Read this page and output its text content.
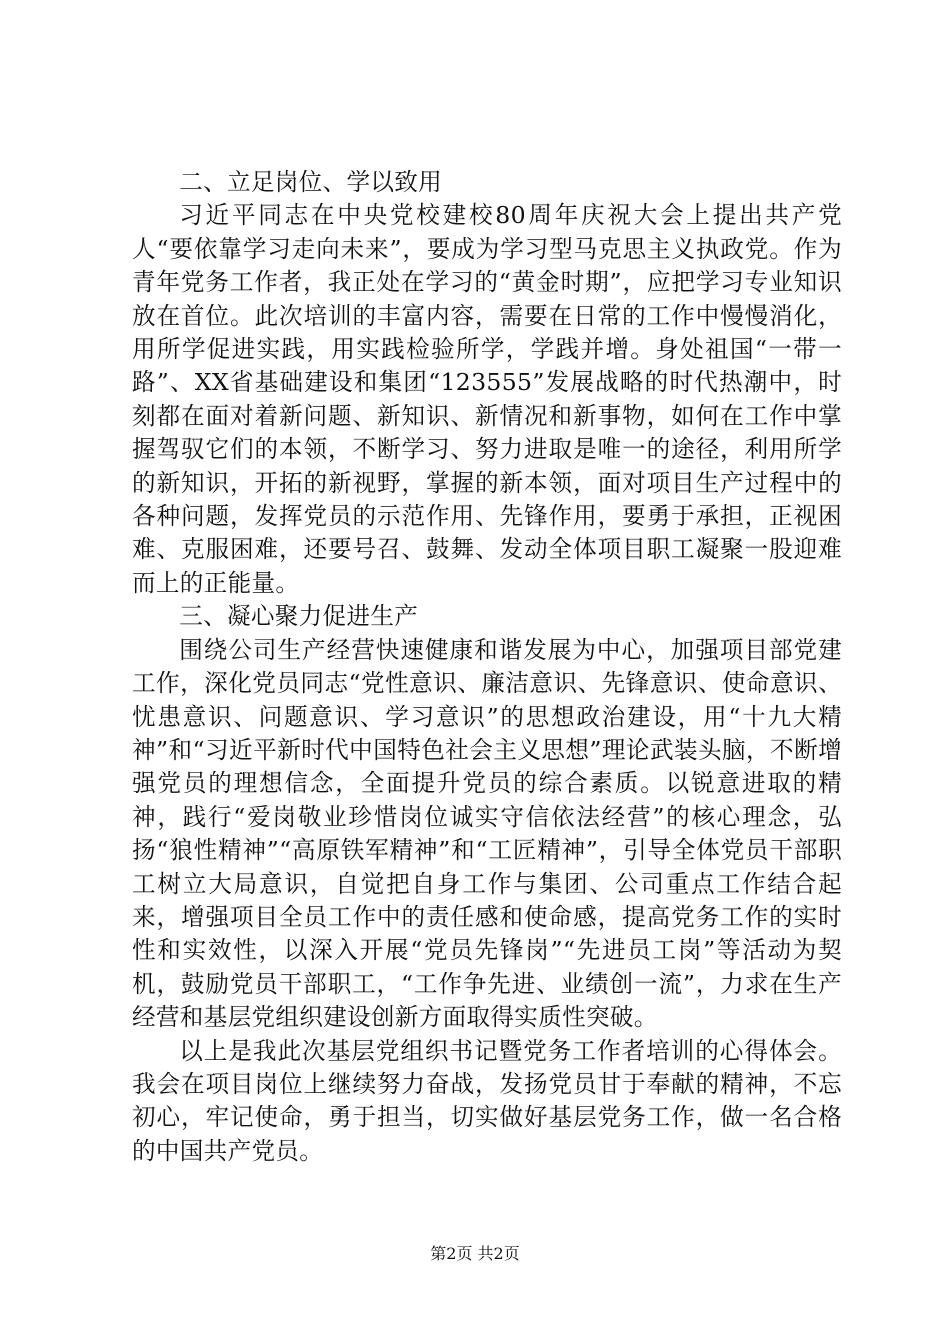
二、立足岗位、学以致用

习近平同志在中央党校建校80周年庆祝大会上提出共产党人“要依靠学习走向未来”，要成为学习型马克思主义执政党。作为青年党务工作者，我正处在学习的“黄金时期”，应把学习专业知识放在首位。此次培训的丰富内容，需要在日常的工作中慢慢消化，用所学促进实践，用实践检验所学，学践并增。身处祖国“一带一路”、XX省基础建设和集团“123555”发展战略的时代热潮中，时刻都在面对着新问题、新知识、新情况和新事物，如何在工作中掌握驾驭它们的本领，不断学习、努力进取是唯一的途径，利用所学的新知识，开拓的新视野，掌握的新本领，面对项目生产过程中的各种问题，发挥党员的示范作用、先锋作用，要勇于承担，正视困难、克服困难，还要号召、鼓舞、发动全体项目职工凝聚一股迎难而上的正能量。

三、凝心聚力促进生产

围绕公司生产经营快速健康和谐发展为中心，加强项目部党建工作，深化党员同志“党性意识、廉洁意识、先锋意识、使命意识、忧患意识、问题意识、学习意识”的思想政治建设，用“十九大精神”和“习近平新时代中国特色社会主义思想”理论武装头脑，不断增强党员的理想信念，全面提升党员的综合素质。以锐意进取的精神，践行“爱岗敬业珍惜岗位诚实守信依法经营”的核心理念，弘扬“狼性精神”“高原铁军精神”和“工匠精神”，引导全体党员干部职工树立大局意识，自觉把自身工作与集团、公司重点工作结合起来，增强项目全员工作中的责任感和使命感，提高党务工作的实时性和实效性，以深入开展“党员先锋岗”“先进员工岗”等活动为契机，鼓励党员干部职工，“工作争先进、业绩创一流”，力求在生产经营和基层党组织建设创新方面取得实质性突破。

以上是我此次基层党组织书记暨党务工作者培训的心得体会。我会在项目岗位上继续努力奋战，发扬党员甘于奉献的精神，不忘初心，牢记使命，勇于担当，切实做好基层党务工作，做一名合格的中国共产党员。

第2页 共2页
